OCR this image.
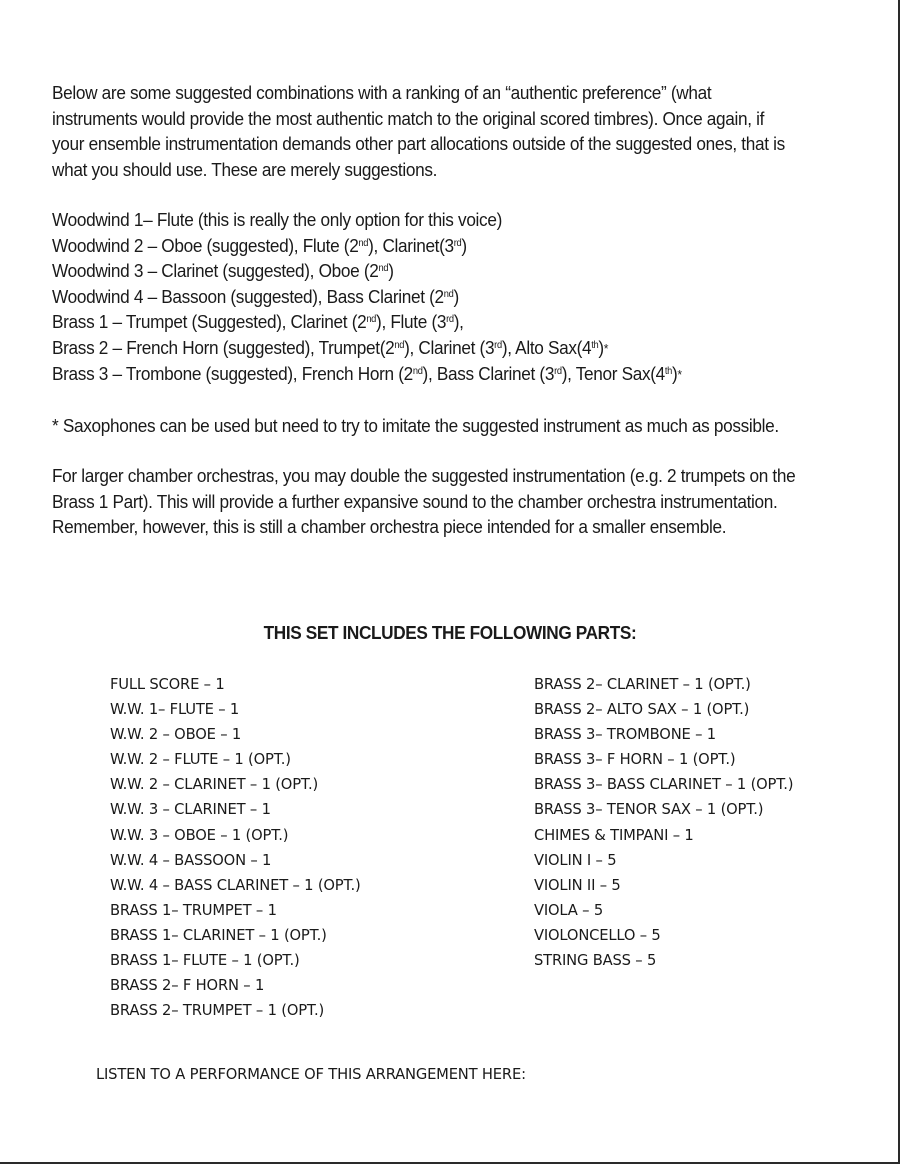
Below are some suggested combinations with a ranking of an “authentic preference” (what instruments would provide the most authentic match to the original scored timbres). Once again, if your ensemble instrumentation demands other part allocations outside of the suggested ones, that is what you should use. These are merely suggestions.

Woodwind 1– Flute (this is really the only option for this voice)
Woodwind 2 – Oboe (suggested), Flute (2nd), Clarinet(3rd)
Woodwind 3 – Clarinet (suggested), Oboe (2nd)
Woodwind 4 – Bassoon (suggested), Bass Clarinet (2nd)
Brass 1 – Trumpet (Suggested), Clarinet (2nd), Flute (3rd),
Brass 2 – French Horn (suggested), Trumpet(2nd), Clarinet (3rd), Alto Sax(4th)*
Brass 3 – Trombone (suggested), French Horn (2nd), Bass Clarinet (3rd), Tenor Sax(4th)*

* Saxophones can be used but need to try to imitate the suggested instrument as much as possible.

For larger chamber orchestras, you may double the suggested instrumentation (e.g. 2 trumpets on the Brass 1 Part). This will provide a further expansive sound to the chamber orchestra instrumentation. Remember, however, this is still a chamber orchestra piece intended for a smaller ensemble.

THIS SET INCLUDES THE FOLLOWING PARTS:
FULL SCORE – 1
W.W. 1– FLUTE – 1
W.W. 2 – OBOE – 1
W.W. 2 – FLUTE – 1 (OPT.)
W.W. 2 – CLARINET – 1 (OPT.)
W.W. 3 – CLARINET – 1
W.W. 3 – OBOE – 1 (OPT.)
W.W. 4 – BASSOON – 1
W.W. 4 – BASS CLARINET – 1 (OPT.)
BRASS 1– TRUMPET – 1
BRASS 1– CLARINET – 1 (OPT.)
BRASS 1– FLUTE – 1 (OPT.)
BRASS 2– F HORN – 1
BRASS 2– TRUMPET – 1 (OPT.)
BRASS 2– CLARINET – 1 (OPT.)
BRASS 2– ALTO SAX – 1 (OPT.)
BRASS 3– TROMBONE – 1
BRASS 3– F HORN – 1 (OPT.)
BRASS 3– BASS CLARINET – 1 (OPT.)
BRASS 3– TENOR SAX – 1 (OPT.)
CHIMES & TIMPANI – 1
VIOLIN I – 5
VIOLIN II – 5
VIOLA – 5
VIOLONCELLO – 5
STRING BASS – 5
LISTEN TO A PERFORMANCE OF THIS ARRANGEMENT HERE:
